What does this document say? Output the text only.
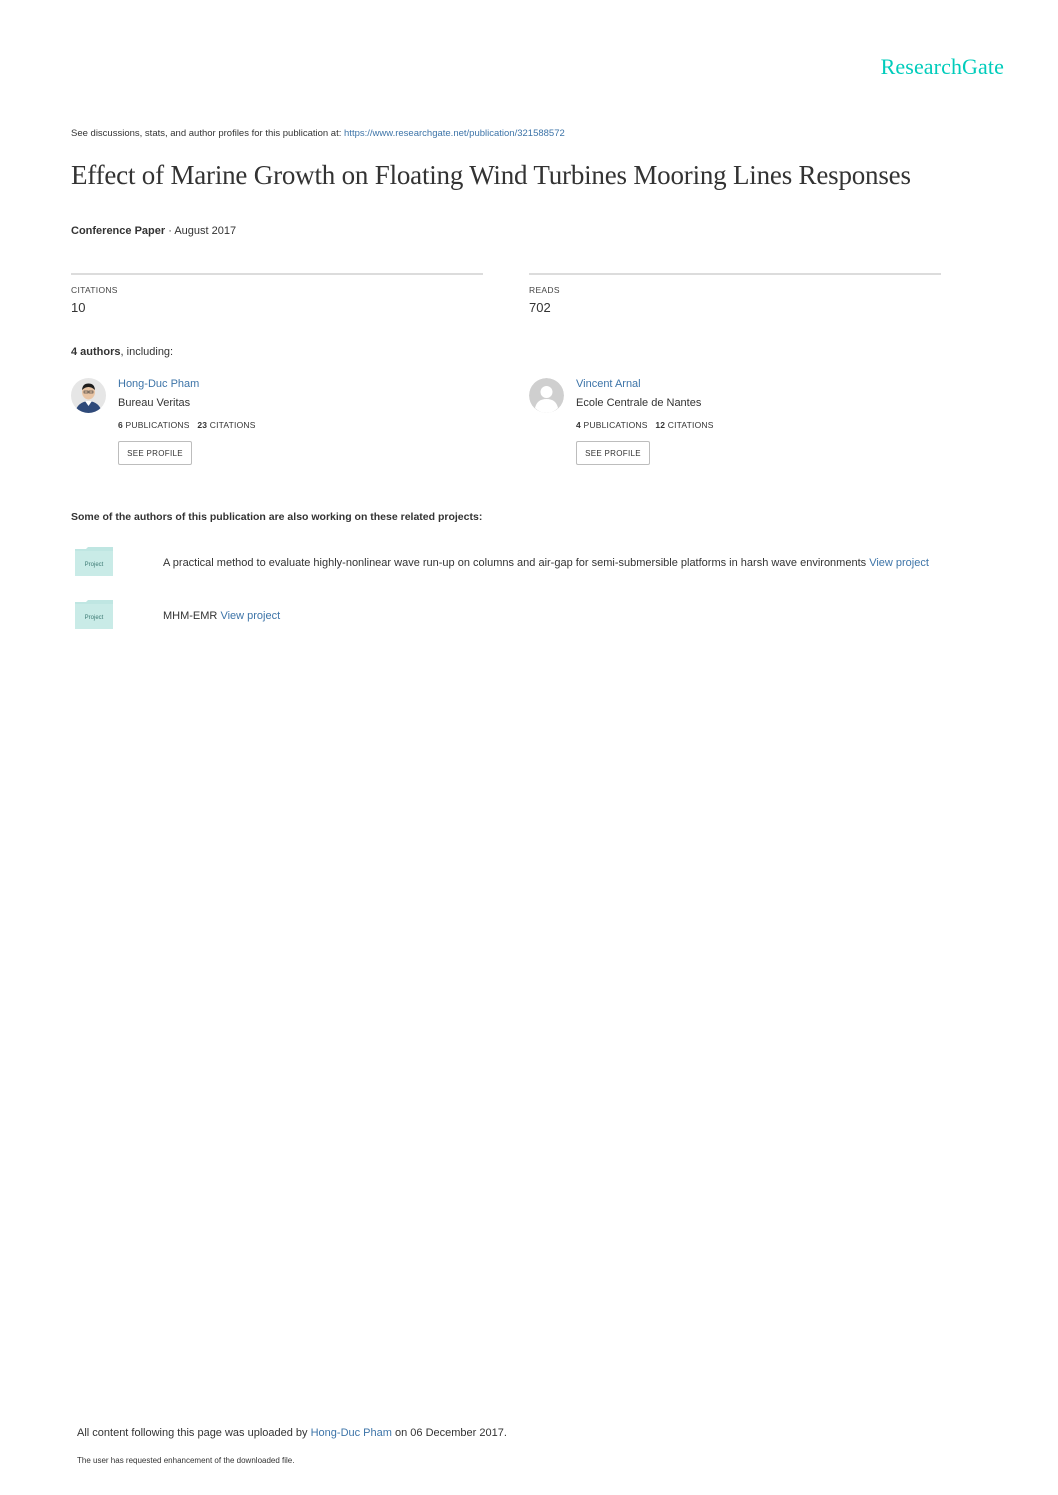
ResearchGate
See discussions, stats, and author profiles for this publication at: https://www.researchgate.net/publication/321588572
Effect of Marine Growth on Floating Wind Turbines Mooring Lines Responses
Conference Paper · August 2017
CITATIONS
10
READS
702
4 authors, including:
Hong-Duc Pham
Bureau Veritas
6 PUBLICATIONS 23 CITATIONS
SEE PROFILE
Vincent Arnal
Ecole Centrale de Nantes
4 PUBLICATIONS 12 CITATIONS
SEE PROFILE
Some of the authors of this publication are also working on these related projects:
Project	A practical method to evaluate highly-nonlinear wave run-up on columns and air-gap for semi-submersible platforms in harsh wave environments View project
Project	MHM-EMR View project
All content following this page was uploaded by Hong-Duc Pham on 06 December 2017.
The user has requested enhancement of the downloaded file.
